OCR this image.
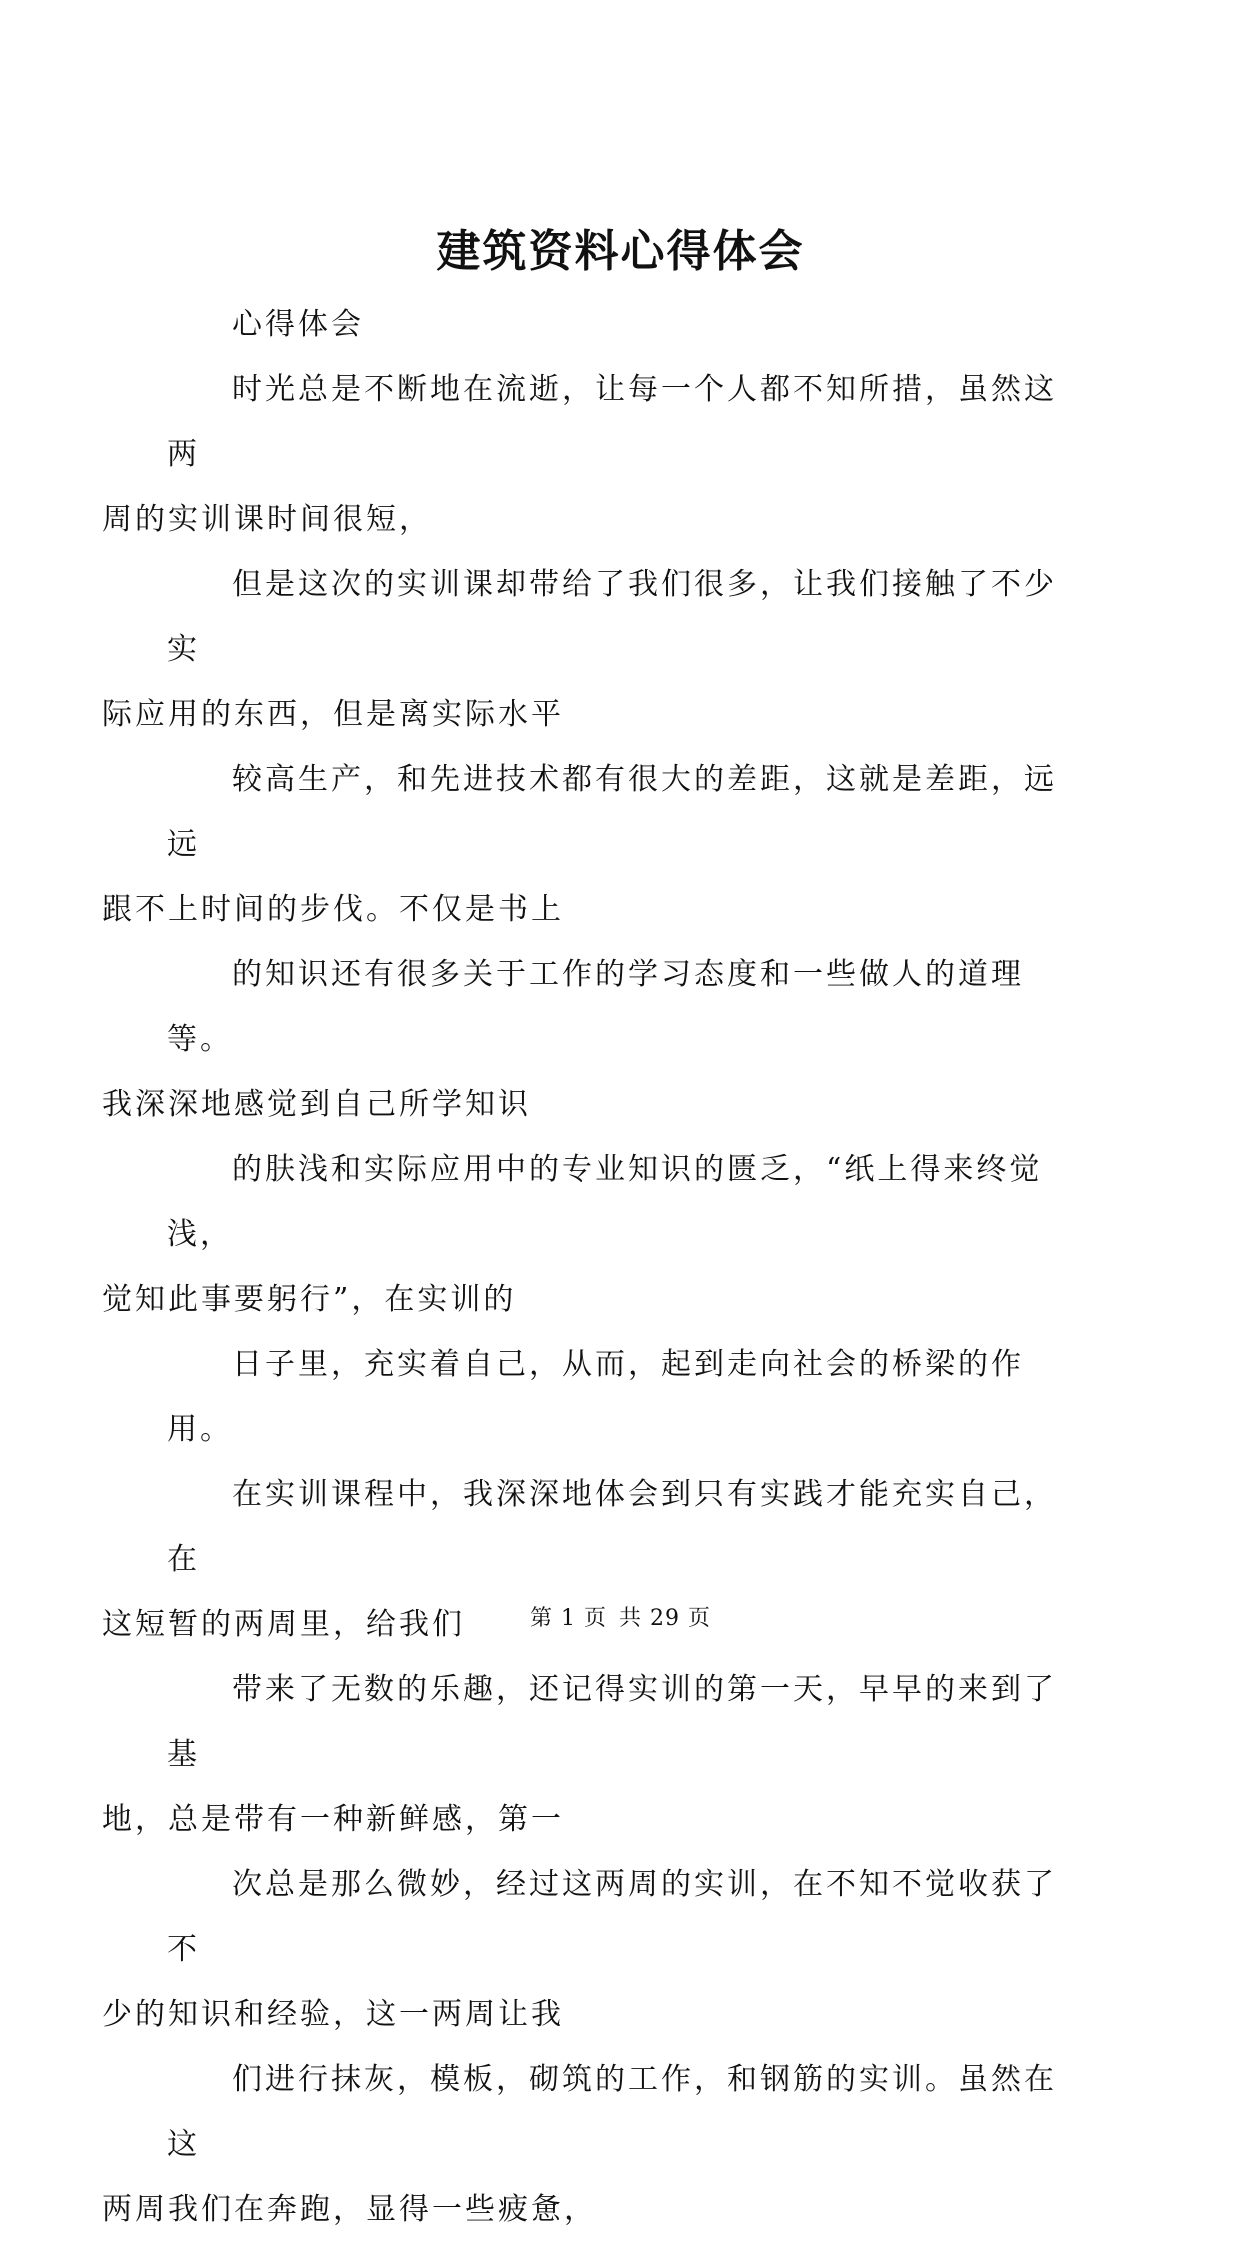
建筑资料心得体会

心得体会

时光总是不断地在流逝，让每一个人都不知所措，虽然这两
周的实训课时间很短，

但是这次的实训课却带给了我们很多，让我们接触了不少实
际应用的东西，但是离实际水平

较高生产，和先进技术都有很大的差距，这就是差距，远远
跟不上时间的步伐。不仅是书上

的知识还有很多关于工作的学习态度和一些做人的道理等。
我深深地感觉到自己所学知识

的肤浅和实际应用中的专业知识的匮乏，“纸上得来终觉浅，
觉知此事要躬行”，在实训的

日子里，充实着自己，从而，起到走向社会的桥梁的作用。

在实训课程中，我深深地体会到只有实践才能充实自己，在
这短暂的两周里，给我们

带来了无数的乐趣，还记得实训的第一天，早早的来到了基
地，总是带有一种新鲜感，第一

次总是那么微妙，经过这两周的实训，在不知不觉收获了不
少的知识和经验，这一两周让我

们进行抹灰，模板，砌筑的工作，和钢筋的实训。虽然在这
两周我们在奔跑，显得一些疲惫，

第 1 页 共 29 页
